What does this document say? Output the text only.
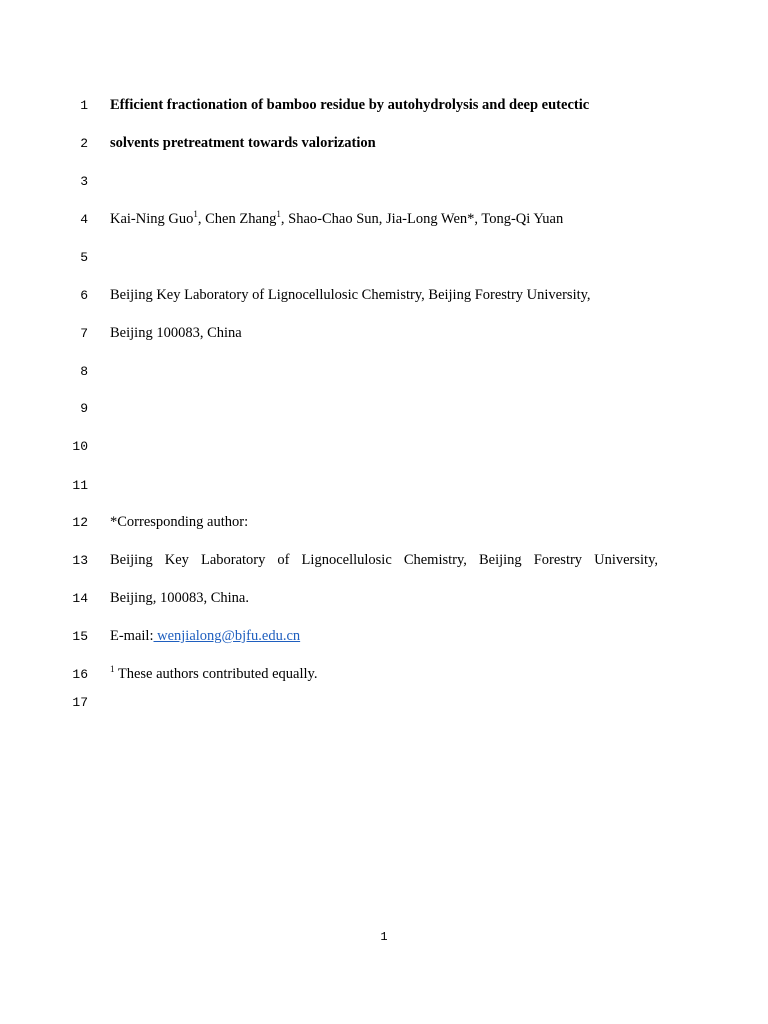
1
2
3
4
5
6
7
8
9
10
11
12
13
14
15
16
17
Efficient fractionation of bamboo residue by autohydrolysis and deep eutectic
solvents pretreatment towards valorization
Kai-Ning Guo$^1$, Chen Zhang$^1$, Shao-Chao Sun, Jia-Long Wen*, Tong-Qi Yuan
Beijing Key Laboratory of Lignocellulosic Chemistry, Beijing Forestry University,
Beijing 100083, China
*Corresponding author:
Beijing Key Laboratory of Lignocellulosic Chemistry, Beijing Forestry University,
Beijing, 100083, China.
E-mail: wenjialong@bjfu.edu.cn
$^1$ These authors contributed equally.
1
